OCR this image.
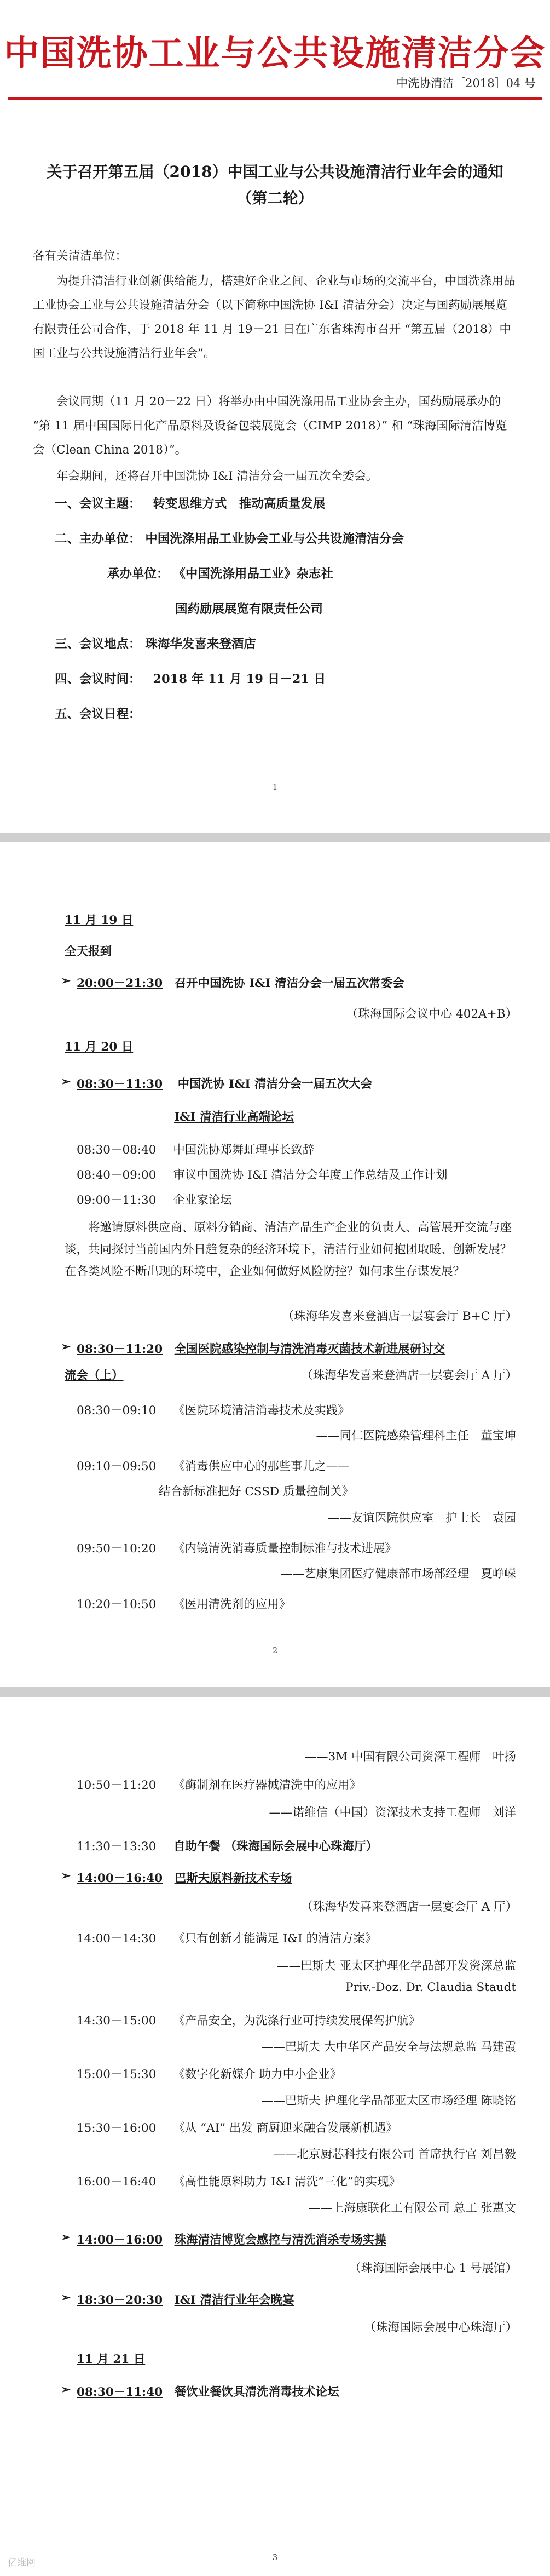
中国洗协工业与公共设施清洁分会
中洗协清洁［2018］04 号
关于召开第五届（2018）中国工业与公共设施清洁行业年会的通知
（第二轮）

各有关清洁单位：

为提升清洁行业创新供给能力，搭建好企业之间、企业与市场的交流平台，中国洗涤用品工业协会工业与公共设施清洁分会（以下简称中国洗协 I&I 清洁分会）决定与国药励展展览有限责任公司合作，于 2018 年 11 月 19－21 日在广东省珠海市召开 “第五届（2018）中国工业与公共设施清洁行业年会”。

会议同期（11 月 20－22 日）将举办由中国洗涤用品工业协会主办，国药励展承办的 “第 11 届中国国际日化产品原料及设备包装展览会（CIMP 2018）” 和 “珠海国际清洁博览会（Clean China 2018）”。

年会期间，还将召开中国洗协 I&I 清洁分会一届五次全委会。

一、会议主题： 转变思维方式　推动高质量发展
二、主办单位： 中国洗涤用品工业协会工业与公共设施清洁分会
承办单位： 《中国洗涤用品工业》杂志社
国药励展展览有限责任公司
三、会议地点： 珠海华发喜来登酒店
四、会议时间： 2018 年 11 月 19 日－21 日
五、会议日程：
1
11 月 19 日
全天报到
➢ 20:00－21:30 召开中国洗协 I&I 清洁分会一届五次常委会
（珠海国际会议中心 402A+B）
11 月 20 日
➢ 08:30－11:30 中国洗协 I&I 清洁分会一届五次大会
I&I 清洁行业高端论坛
08:30－08:40 中国洗协郑舞虹理事长致辞
08:40－09:00 审议中国洗协 I&I 清洁分会年度工作总结及工作计划
09:00－11:30 企业家论坛

将邀请原料供应商、原料分销商、清洁产品生产企业的负责人、高管展开交流与座谈，共同探讨当前国内外日趋复杂的经济环境下，清洁行业如何抱团取暖、创新发展？在各类风险不断出现的环境中，企业如何做好风险防控？如何求生存谋发展？

（珠海华发喜来登酒店一层宴会厅 B+C 厅）
➢ 08:30－11:20 全国医院感染控制与清洗消毒灭菌技术新进展研讨交
流会（上）	（珠海华发喜来登酒店一层宴会厅 A 厅）
08:30－09:10 《医院环境清洁消毒技术及实践》
——同仁医院感染管理科主任　董宝坤
09:10－09:50 《消毒供应中心的那些事儿之——
结合新标准把好 CSSD 质量控制关》
——友谊医院供应室　护士长　袁园
09:50－10:20 《内镜清洗消毒质量控制标准与技术进展》
——艺康集团医疗健康部市场部经理　夏峥嵘
10:20－10:50 《医用清洗剂的应用》
2
——3M 中国有限公司资深工程师　叶扬
10:50－11:20 《酶制剂在医疗器械清洗中的应用》
——诺维信（中国）资深技术支持工程师　刘洋
11:30－13:30 自助午餐 （珠海国际会展中心珠海厅）
➢ 14:00－16:40 巴斯夫原料新技术专场
（珠海华发喜来登酒店一层宴会厅 A 厅）
14:00－14:30 《只有创新才能满足 I&I 的清洁方案》
——巴斯夫 亚太区护理化学品部开发资深总监
Priv.-Doz. Dr. Claudia Staudt
14:30－15:00 《产品安全，为洗涤行业可持续发展保驾护航》
——巴斯夫 大中华区产品安全与法规总监 马建霞
15:00－15:30 《数字化新媒介 助力中小企业》
——巴斯夫 护理化学品部亚太区市场经理 陈晓铭
15:30－16:00 《从 “AI” 出发 商厨迎来融合发展新机遇》
——北京厨芯科技有限公司 首席执行官 刘昌毅
16:00－16:40 《高性能原料助力 I&I 清洗“三化”的实现》
——上海康联化工有限公司 总工 张惠文
➢ 14:00－16:00 珠海清洁博览会感控与清洗消杀专场实操
（珠海国际会展中心 1 号展馆）
➢ 18:30－20:30 I&I 清洁行业年会晚宴
（珠海国际会展中心珠海厅）
11 月 21 日
➢ 08:30－11:40 餐饮业餐饮具清洗消毒技术论坛
3
亿维网
